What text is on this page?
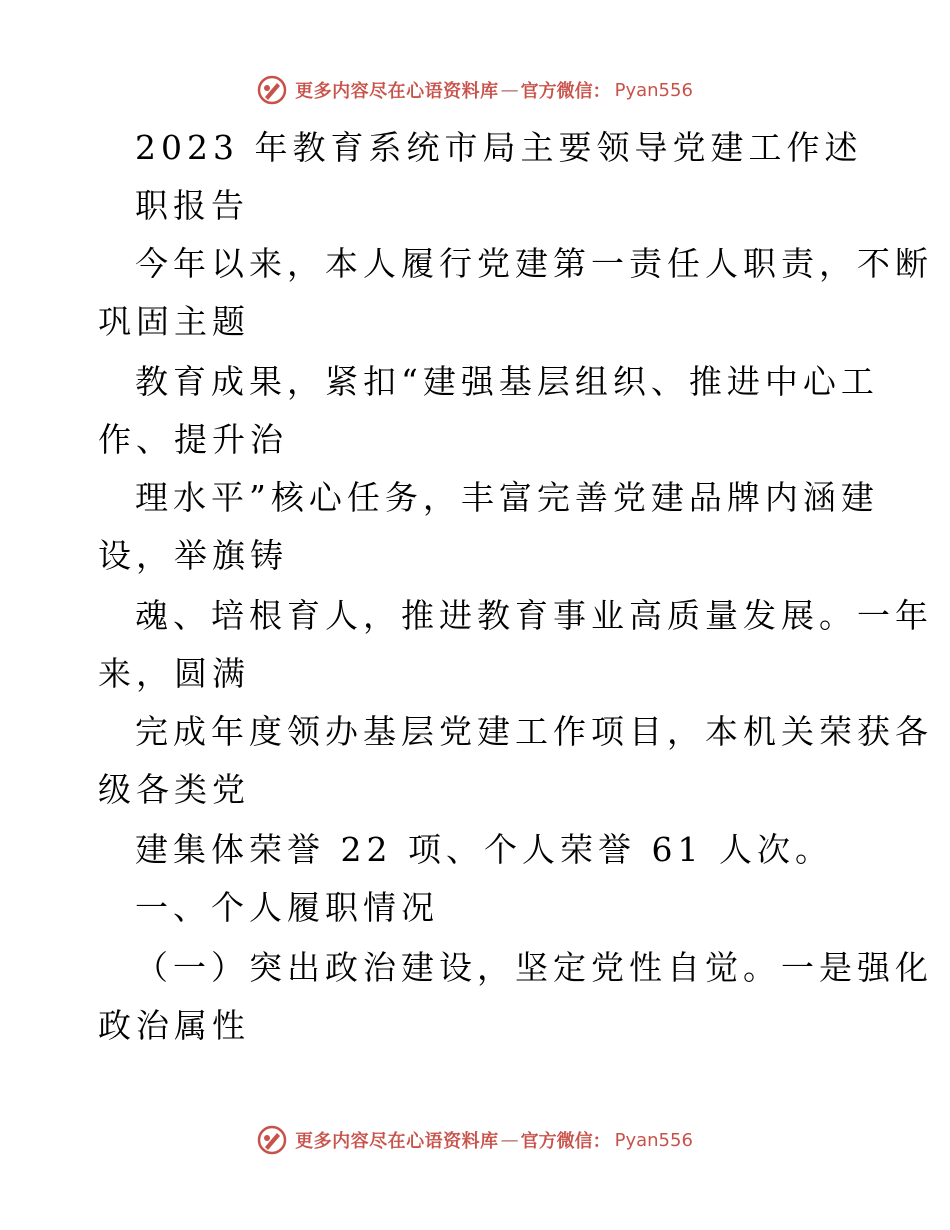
更多内容尽在心语资料库 — 官方微信： Pyan556
2023 年教育系统市局主要领导党建工作述
职报告
今年以来，本人履行党建第一责任人职责，不断
巩固主题
教育成果，紧扣“建强基层组织、推进中心工
作、提升治
理水平”核心任务，丰富完善党建品牌内涵建
设，举旗铸
魂、培根育人，推进教育事业高质量发展。一年
来，圆满
完成年度领办基层党建工作项目，本机关荣获各
级各类党
建集体荣誉 22 项、个人荣誉 61 人次。
一、个人履职情况
（一）突出政治建设，坚定党性自觉。一是强化
政治属性
更多内容尽在心语资料库 — 官方微信： Pyan556
